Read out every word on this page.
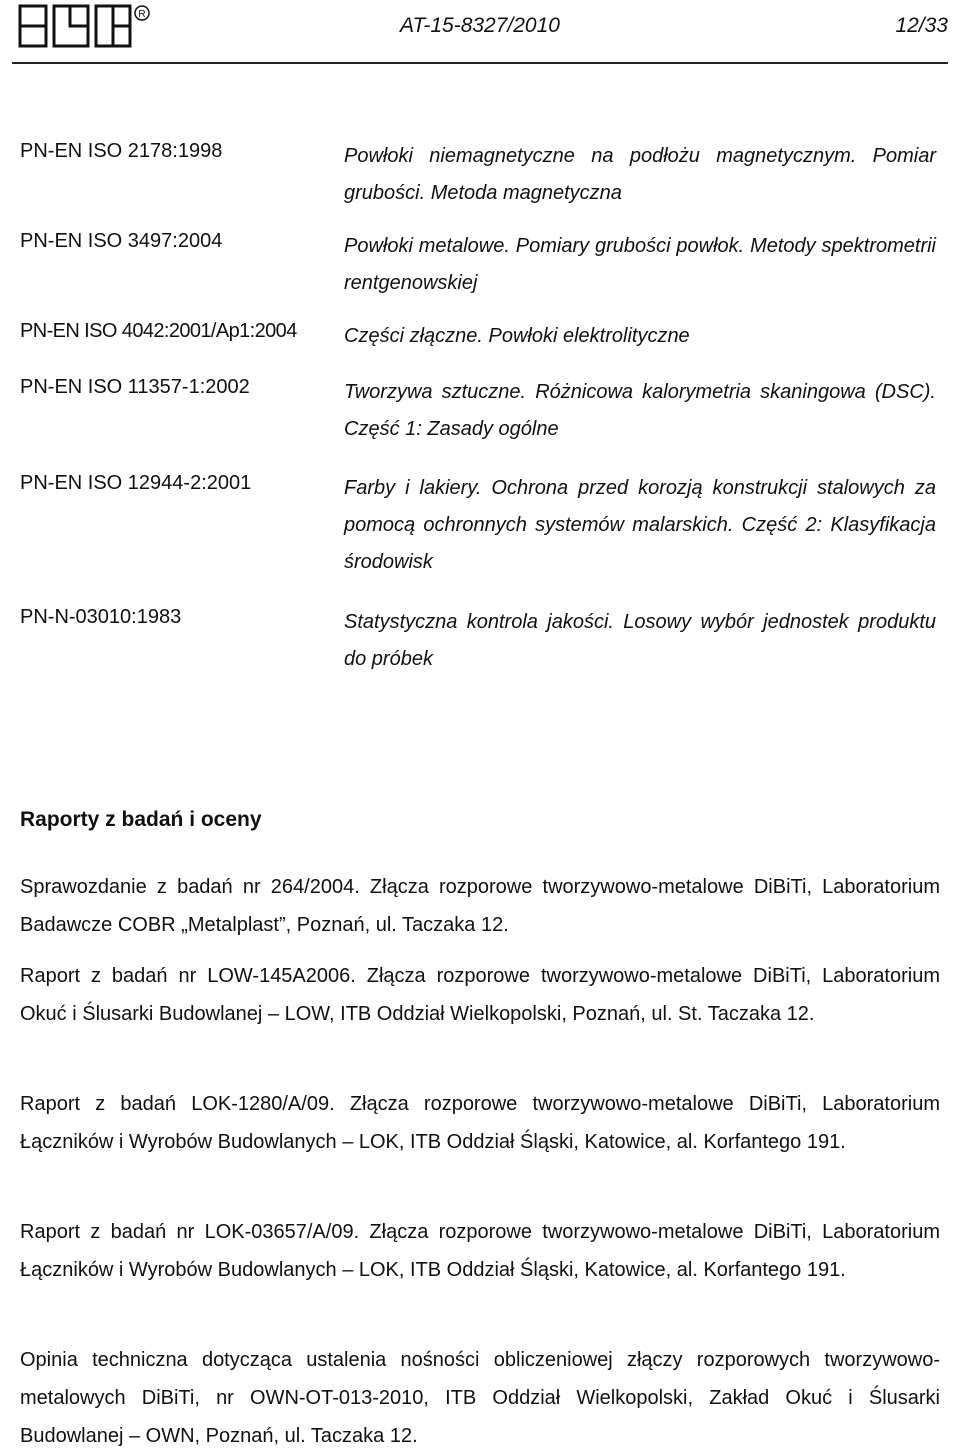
R	AT-15-8327/2010	12/33
PN-EN ISO 2178:1998	Powłoki niemagnetyczne na podłożu magnetycznym. Pomiar grubości. Metoda magnetyczna
PN-EN ISO 3497:2004	Powłoki metalowe. Pomiary grubości powłok. Metody spektrometrii rentgenowskiej
PN-EN ISO 4042:2001/Ap1:2004 Części złączne. Powłoki elektrolityczne
PN-EN ISO 11357-1:2002	Tworzywa sztuczne. Różnicowa kalorymetria skaningowa (DSC). Część 1: Zasady ogólne
PN-EN ISO 12944-2:2001	Farby i lakiery. Ochrona przed korozją konstrukcji stalowych za pomocą ochronnych systemów malarskich. Część 2: Klasyfikacja środowisk
PN-N-03010:1983	Statystyczna kontrola jakości. Losowy wybór jednostek produktu do próbek
Raporty z badań i oceny
Sprawozdanie z badań nr 264/2004. Złącza rozporowe tworzywowo-metalowe DiBiTi, Laboratorium Badawcze COBR „Metalplast”, Poznań, ul. Taczaka 12.
Raport z badań nr LOW-145A2006. Złącza rozporowe tworzywowo-metalowe DiBiTi, Laboratorium Okuć i Ślusarki Budowlanej – LOW, ITB Oddział Wielkopolski, Poznań, ul. St. Taczaka 12.
Raport z badań LOK-1280/A/09. Złącza rozporowe tworzywowo-metalowe DiBiTi, Laboratorium Łączników i Wyrobów Budowlanych – LOK, ITB Oddział Śląski, Katowice, al. Korfantego 191.
Raport z badań nr LOK-03657/A/09. Złącza rozporowe tworzywowo-metalowe DiBiTi, Laboratorium Łączników i Wyrobów Budowlanych – LOK, ITB Oddział Śląski, Katowice, al. Korfantego 191.
Opinia techniczna dotycząca ustalenia nośności obliczeniowej złączy rozporowych tworzywowo-metalowych DiBiTi, nr OWN-OT-013-2010, ITB Oddział Wielkopolski, Zakład Okuć i Ślusarki Budowlanej – OWN, Poznań, ul. Taczaka 12.
